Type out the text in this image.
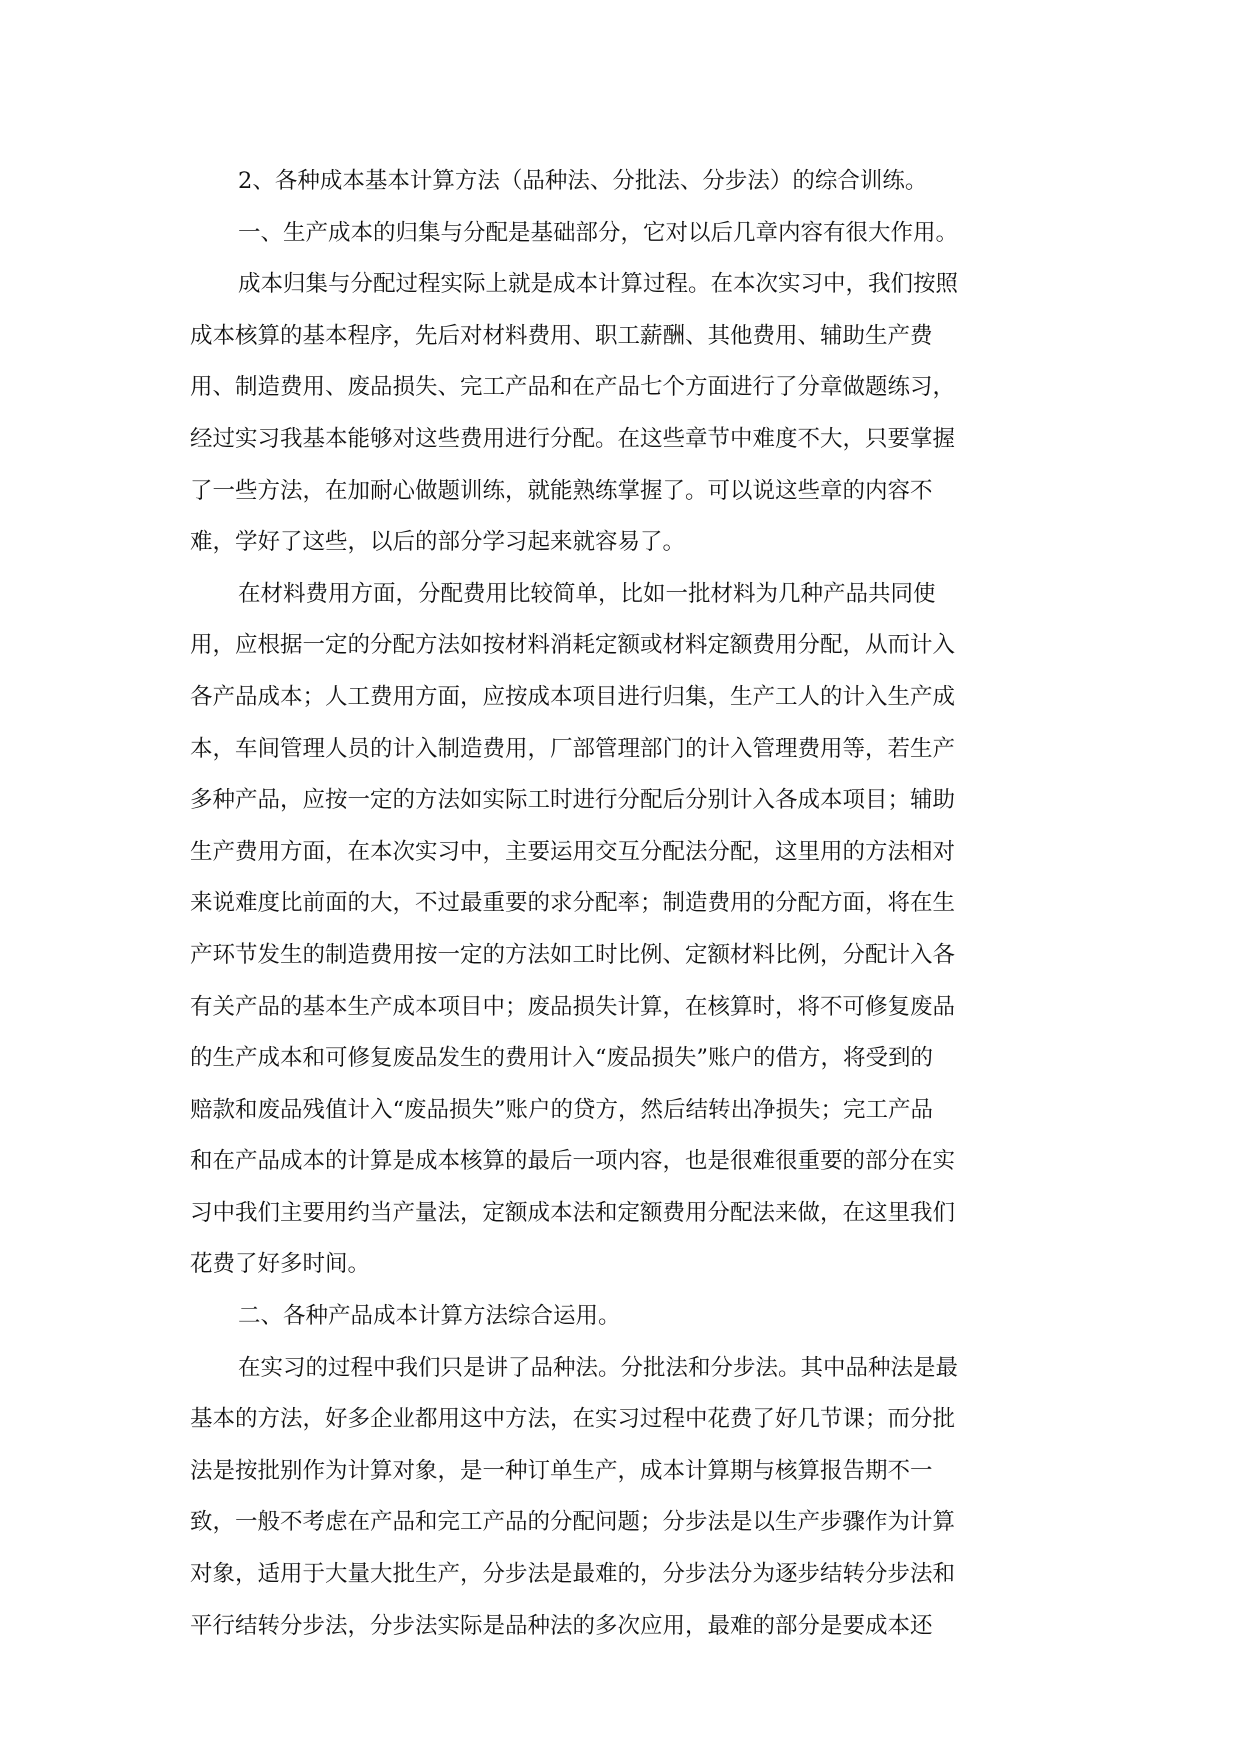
2、各种成本基本计算方法（品种法、分批法、分步法）的综合训练。
一、生产成本的归集与分配是基础部分，它对以后几章内容有很大作用。
成本归集与分配过程实际上就是成本计算过程。在本次实习中，我们按照
成本核算的基本程序，先后对材料费用、职工薪酬、其他费用、辅助生产费
用、制造费用、废品损失、完工产品和在产品七个方面进行了分章做题练习，
经过实习我基本能够对这些费用进行分配。在这些章节中难度不大，只要掌握
了一些方法，在加耐心做题训练，就能熟练掌握了。可以说这些章的内容不
难，学好了这些，以后的部分学习起来就容易了。
在材料费用方面，分配费用比较简单，比如一批材料为几种产品共同使
用，应根据一定的分配方法如按材料消耗定额或材料定额费用分配，从而计入
各产品成本；人工费用方面，应按成本项目进行归集，生产工人的计入生产成
本，车间管理人员的计入制造费用，厂部管理部门的计入管理费用等，若生产
多种产品，应按一定的方法如实际工时进行分配后分别计入各成本项目；辅助
生产费用方面，在本次实习中，主要运用交互分配法分配，这里用的方法相对
来说难度比前面的大，不过最重要的求分配率；制造费用的分配方面，将在生
产环节发生的制造费用按一定的方法如工时比例、定额材料比例，分配计入各
有关产品的基本生产成本项目中；废品损失计算，在核算时，将不可修复废品
的生产成本和可修复废品发生的费用计入“废品损失”账户的借方，将受到的
赔款和废品残值计入“废品损失”账户的贷方，然后结转出净损失；完工产品
和在产品成本的计算是成本核算的最后一项内容，也是很难很重要的部分在实
习中我们主要用约当产量法，定额成本法和定额费用分配法来做，在这里我们
花费了好多时间。
二、各种产品成本计算方法综合运用。
在实习的过程中我们只是讲了品种法。分批法和分步法。其中品种法是最
基本的方法，好多企业都用这中方法，在实习过程中花费了好几节课；而分批
法是按批别作为计算对象，是一种订单生产，成本计算期与核算报告期不一
致，一般不考虑在产品和完工产品的分配问题；分步法是以生产步骤作为计算
对象，适用于大量大批生产，分步法是最难的，分步法分为逐步结转分步法和
平行结转分步法，分步法实际是品种法的多次应用，最难的部分是要成本还
